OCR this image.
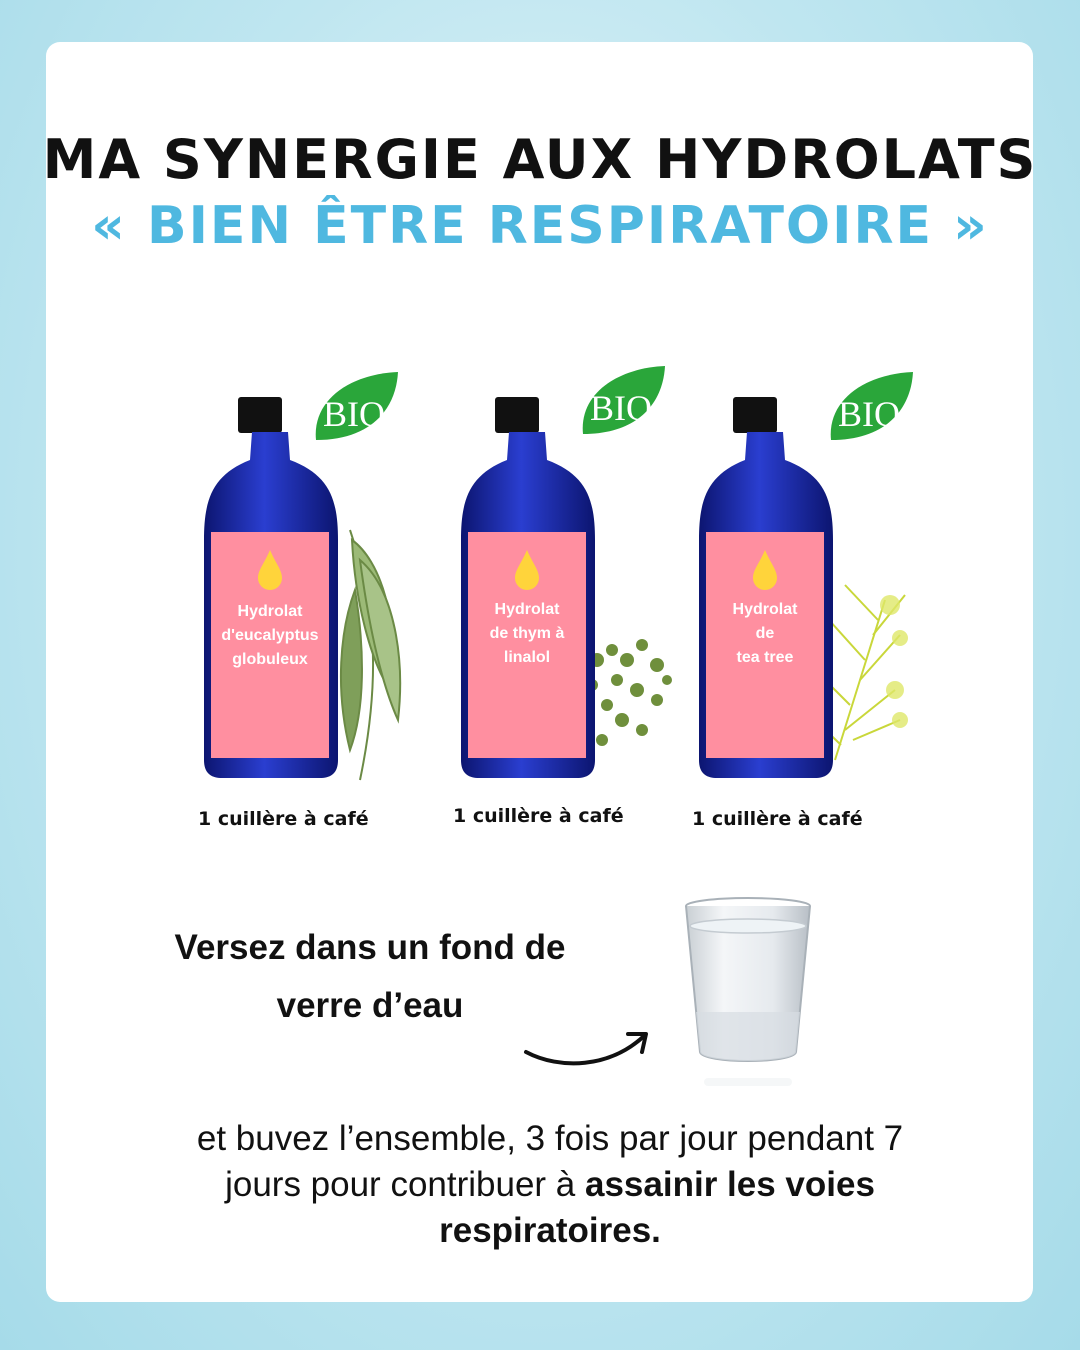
MA SYNERGIE AUX HYDROLATS
« BIEN ÊTRE RESPIRATOIRE »
Hydrolat
d'eucalyptus
globuleux
BIO
1 cuillère à café
Hydrolat
de thym à
linalol
BIO
1 cuillère à café
Hydrolat
de
tea tree
BIO
1 cuillère à café
Versez dans un fond de
verre d’eau
et buvez l’ensemble, 3 fois par jour pendant 7 jours pour contribuer à assainir les voies respiratoires.
